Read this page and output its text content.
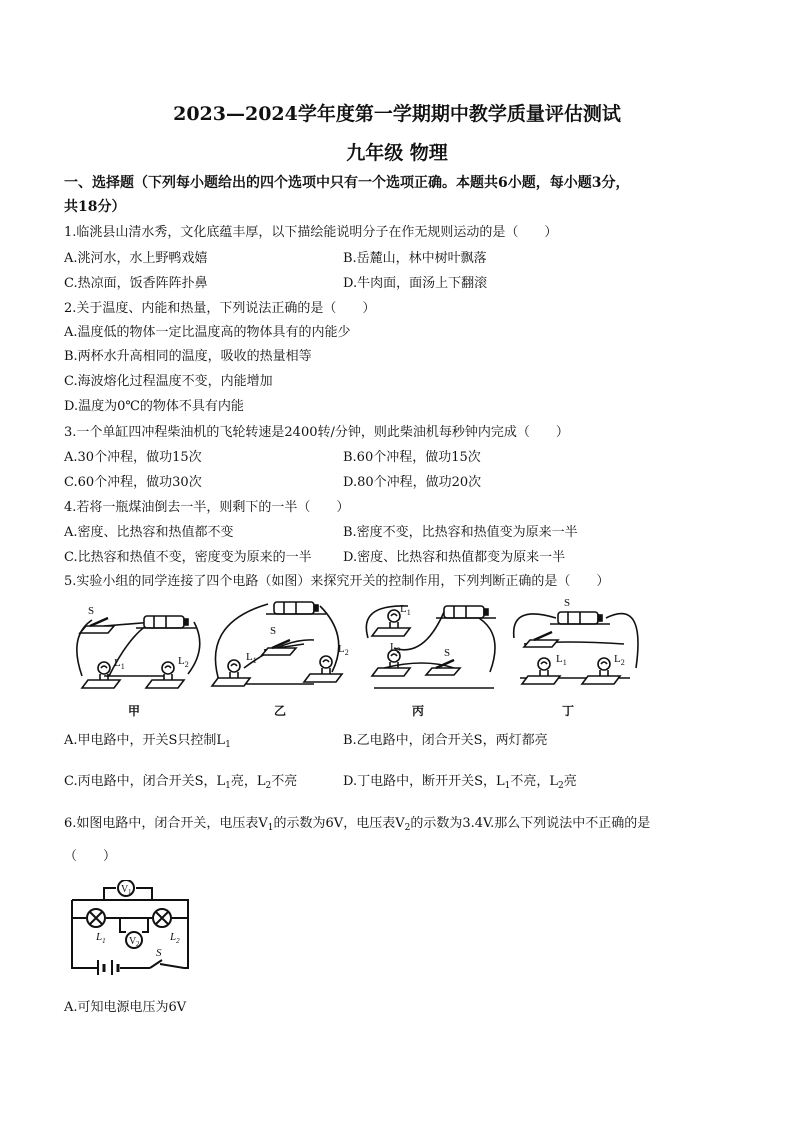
2023—2024学年度第一学期期中教学质量评估测试
九年级 物理
一、选择题（下列每小题给出的四个选项中只有一个选项正确。本题共6小题，每小题3分，
共18分）
1.临洮县山清水秀，文化底蕴丰厚，以下描绘能说明分子在作无规则运动的是（　　）
A.洮河水，水上野鸭戏嬉	B.岳麓山，林中树叶飘落
C.热凉面，饭香阵阵扑鼻	D.牛肉面，面汤上下翻滚
2.关于温度、内能和热量，下列说法正确的是（　　）
A.温度低的物体一定比温度高的物体具有的内能少
B.两杯水升高相同的温度，吸收的热量相等
C.海波熔化过程温度不变，内能增加
D.温度为0℃的物体不具有内能
3.一个单缸四冲程柴油机的飞轮转速是2400转/分钟，则此柴油机每秒钟内完成（　　）
A.30个冲程，做功15次	B.60个冲程，做功15次
C.60个冲程，做功30次	D.80个冲程，做功20次
4.若将一瓶煤油倒去一半，则剩下的一半（　　）
A.密度、比热容和热值都不变	B.密度不变，比热容和热值变为原来一半
C.比热容和热值不变，密度变为原来的一半 D.密度、比热容和热值都变为原来一半
5.实验小组的同学连接了四个电路（如图）来探究开关的控制作用，下列判断正确的是（　　）
S
$L_1$	$L_2$
S
$L_1$
$L_2$
$L_1$
$L_2$	S
S
$L_1$	$L_2$
甲	乙	丙	丁
A.甲电路中，开关S只控制$L_1$	B.乙电路中，闭合开关S，两灯都亮
C.丙电路中，闭合开关S，$L_1$亮，$L_2$不亮	D.丁电路中，断开开关S，$L_1$不亮，$L_2$亮
6.如图电路中，闭合开关，电压表$V_1$的示数为6V，电压表$V_2$的示数为3.4V.那么下列说法中不正确的是
（　　）
V 1
V 2
$L_1$	$L_2$
S
A.可知电源电压为6V
